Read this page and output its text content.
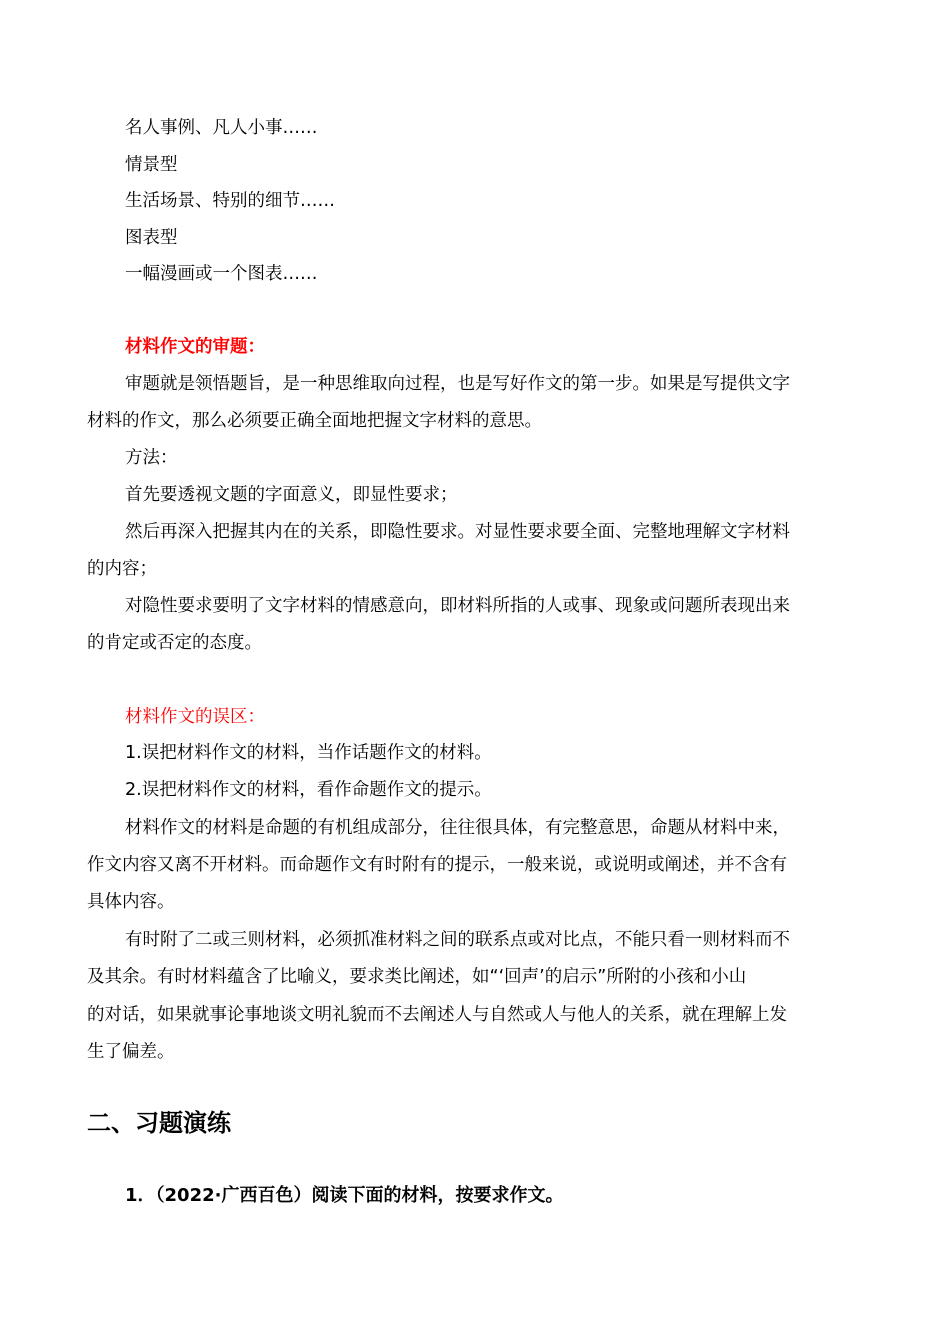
名人事例、凡人小事……

情景型

生活场景、特别的细节……

图表型

一幅漫画或一个图表……

材料作文的审题：

审题就是领悟题旨，是一种思维取向过程，也是写好作文的第一步。如果是写提供文字

材料的作文，那么必须要正确全面地把握文字材料的意思。

方法：

首先要透视文题的字面意义，即显性要求；

然后再深入把握其内在的关系，即隐性要求。对显性要求要全面、完整地理解文字材料

的内容；

对隐性要求要明了文字材料的情感意向，即材料所指的人或事、现象或问题所表现出来

的肯定或否定的态度。

材料作文的误区：

1.误把材料作文的材料，当作话题作文的材料。

2.误把材料作文的材料，看作命题作文的提示。

材料作文的材料是命题的有机组成部分，往往很具体，有完整意思，命题从材料中来，

作文内容又离不开材料。而命题作文有时附有的提示，一般来说，或说明或阐述，并不含有

具体内容。

有时附了二或三则材料，必须抓准材料之间的联系点或对比点，不能只看一则材料而不

及其余。有时材料蕴含了比喻义，要求类比阐述，如“‘回声’的启示”所附的小孩和小山

的对话，如果就事论事地谈文明礼貌而不去阐述人与自然或人与他人的关系，就在理解上发

生了偏差。

二、习题演练

1．（2022·广西百色）阅读下面的材料，按要求作文。
